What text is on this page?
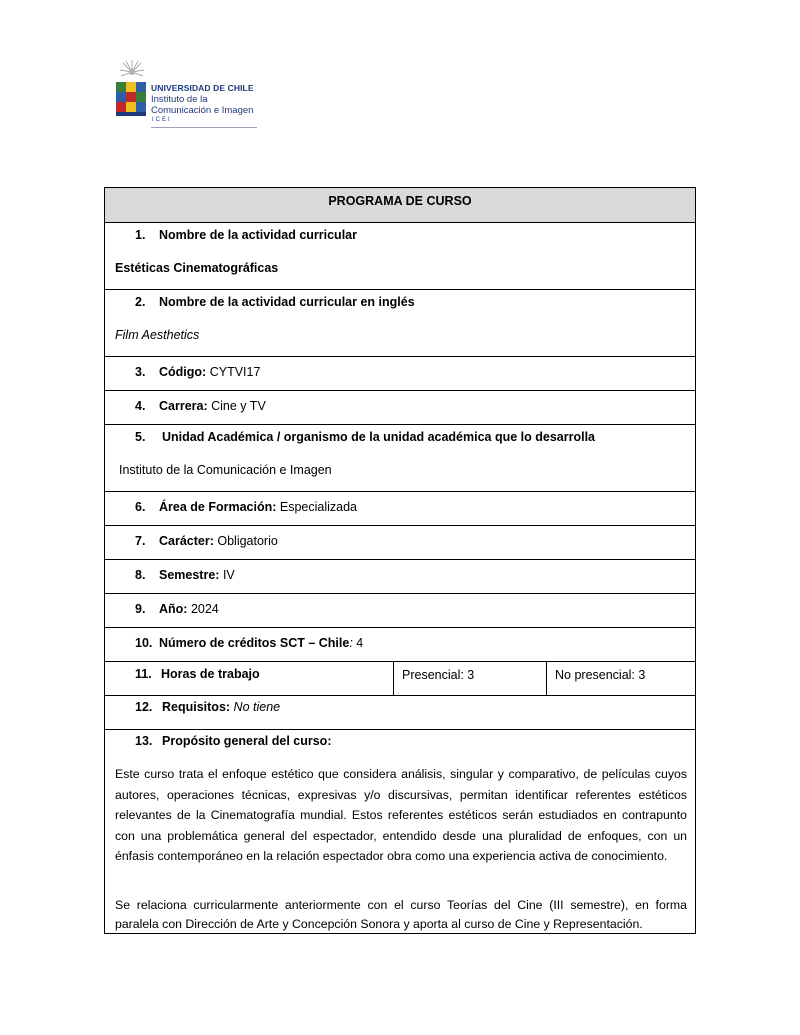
UNIVERSIDAD DE CHILE
Instituto de la
Comunicación e Imagen
ICEI
PROGRAMA DE CURSO
1. Nombre de la actividad curricular
Estéticas Cinematográficas
2. Nombre de la actividad curricular en inglés
Film Aesthetics
3. Código: CYTVI17
4. Carrera: Cine y TV
5. Unidad Académica / organismo de la unidad académica que lo desarrolla
Instituto de la Comunicación e Imagen
6. Área de Formación: Especializada
7. Carácter: Obligatorio
8. Semestre: IV
9. Año: 2024
10. Número de créditos SCT – Chile: 4
11. Horas de trabajo	Presencial: 3	No presencial: 3
12. Requisitos: No tiene
13. Propósito general del curso:
Este curso trata el enfoque estético que considera análisis, singular y comparativo, de películas cuyos autores, operaciones técnicas, expresivas y/o discursivas, permitan identificar referentes estéticos relevantes de la Cinematografía mundial. Estos referentes estéticos serán estudiados en contrapunto con una problemática general del espectador, entendido desde una pluralidad de enfoques, con un énfasis contemporáneo en la relación espectador obra como una experiencia activa de conocimiento.
Se relaciona curricularmente anteriormente con el curso Teorías del Cine (III semestre), en forma paralela con Dirección de Arte y Concepción Sonora y aporta al curso de Cine y Representación.
